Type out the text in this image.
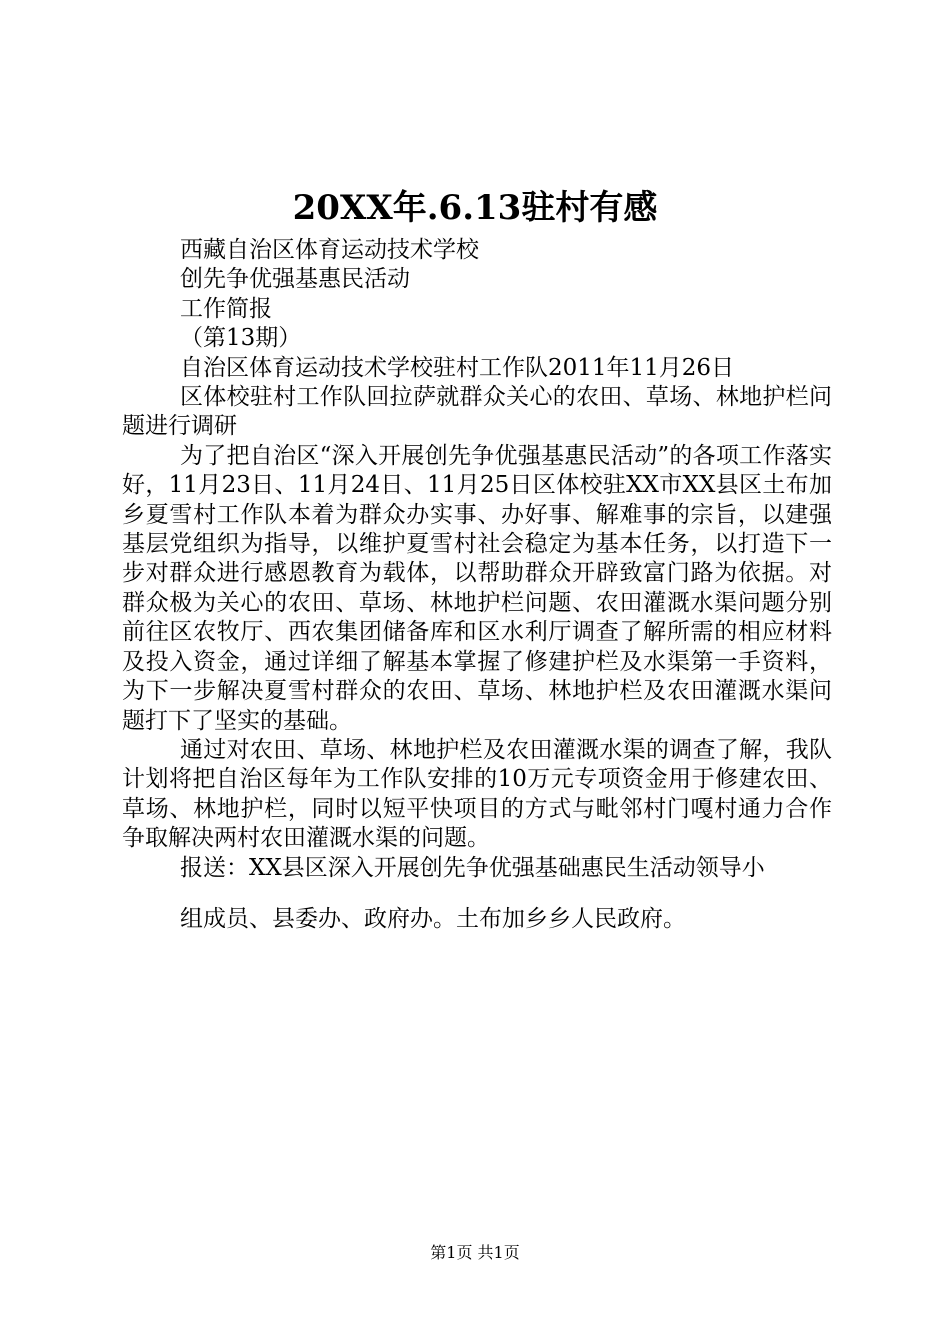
20XX年.6.13驻村有感
西藏自治区体育运动技术学校
创先争优强基惠民活动
工作简报
（第13期）
自治区体育运动技术学校驻村工作队2011年11月26日
区体校驻村工作队回拉萨就群众关心的农田、草场、林地护栏问题进行调研
为了把自治区“深入开展创先争优强基惠民活动”的各项工作落实好，11月23日、11月24日、11月25日区体校驻XX市XX县区土布加乡夏雪村工作队本着为群众办实事、办好事、解难事的宗旨，以建强基层党组织为指导，以维护夏雪村社会稳定为基本任务，以打造下一步对群众进行感恩教育为载体，以帮助群众开辟致富门路为依据。对群众极为关心的农田、草场、林地护栏问题、农田灌溉水渠问题分别前往区农牧厅、西农集团储备库和区水利厅调查了解所需的相应材料及投入资金，通过详细了解基本掌握了修建护栏及水渠第一手资料，为下一步解决夏雪村群众的农田、草场、林地护栏及农田灌溉水渠问题打下了坚实的基础。
通过对农田、草场、林地护栏及农田灌溉水渠的调查了解，我队计划将把自治区每年为工作队安排的10万元专项资金用于修建农田、草场、林地护栏，同时以短平快项目的方式与毗邻村门嘎村通力合作争取解决两村农田灌溉水渠的问题。
报送：XX县区深入开展创先争优强基础惠民生活动领导小
组成员、县委办、政府办。土布加乡乡人民政府。
第1页 共1页
